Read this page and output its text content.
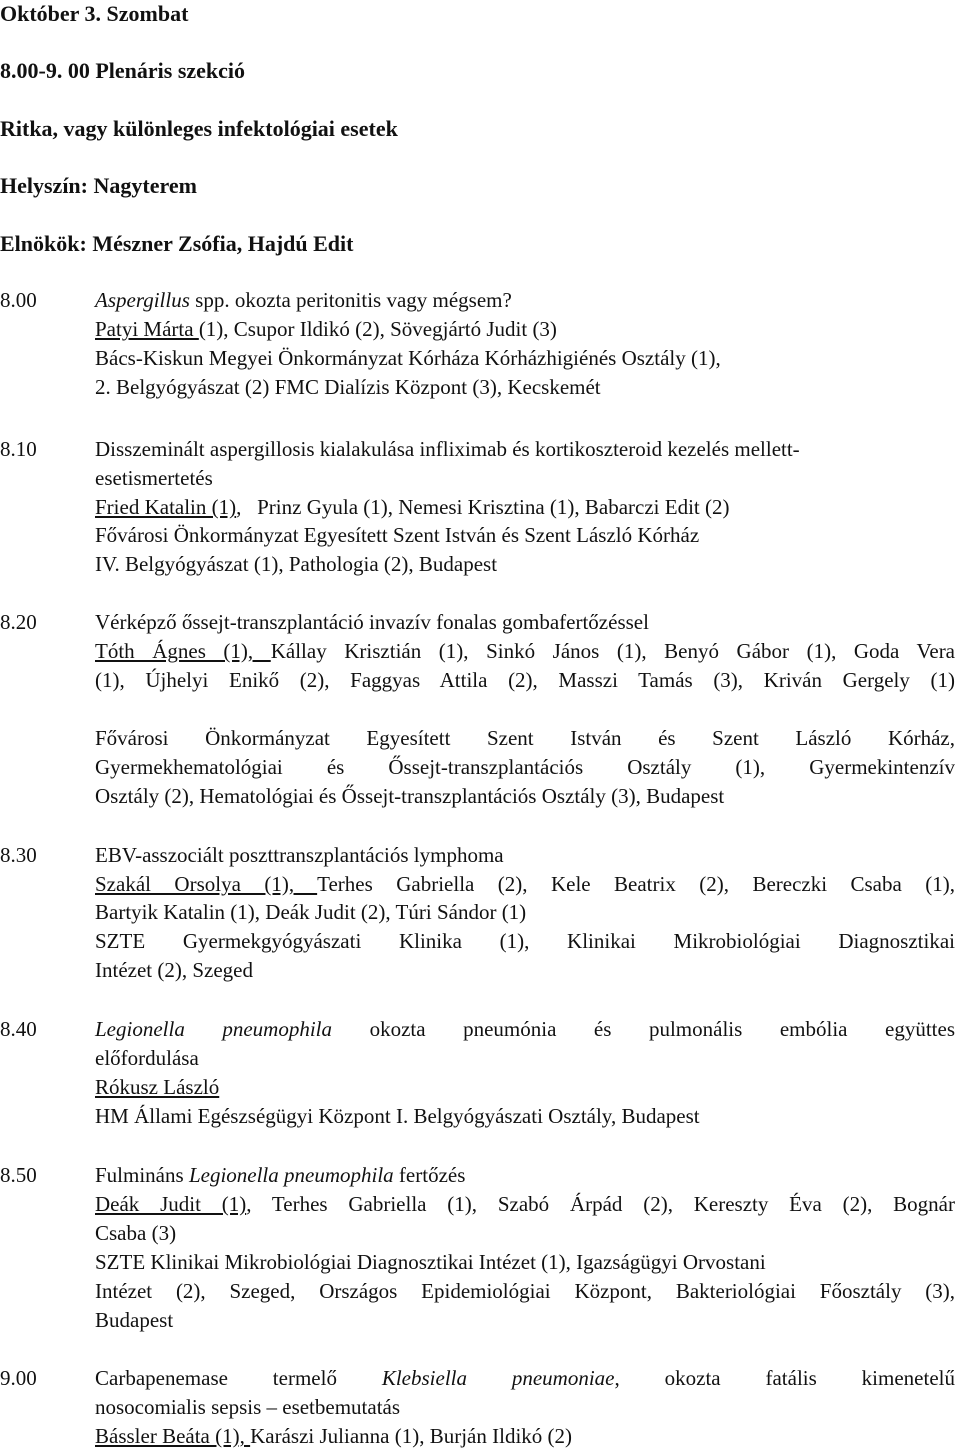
Október 3. Szombat
8.00-9. 00 Plenáris szekció
Ritka, vagy különleges infektológiai esetek
Helyszín: Nagyterem
Elnökök: Mészner Zsófia, Hajdú Edit
8.00	Aspergillus spp. okozta peritonitis vagy mégsem?
Patyi Márta (1), Csupor Ildikó (2), Sövegjártó Judit (3)
Bács-Kiskun Megyei Önkormányzat Kórháza Kórházhigiénés Osztály (1),
2. Belgyógyászat (2) FMC Dialízis Központ (3), Kecskemét
8.10	Disszeminált aspergillosis kialakulása infliximab és kortikoszteroid kezelés mellett-
esetismertetés
Fried Katalin (1),   Prinz Gyula (1), Nemesi Krisztina (1), Babarczi Edit (2)
Fővárosi Önkormányzat Egyesített Szent István és Szent László Kórház
IV. Belgyógyászat (1), Pathologia (2), Budapest
8.20	Vérképző őssejt-transzplantáció invazív fonalas gombafertőzéssel
Tóth Ágnes (1), Kállay Krisztián (1), Sinkó János (1), Benyó Gábor (1), Goda Vera
(1), Újhelyi Enikő (2), Faggyas Attila (2), Masszi Tamás (3), Kriván Gergely (1)
Fővárosi Önkormányzat Egyesített Szent István és Szent László Kórház,
Gyermekhematológiai és Őssejt-transzplantációs Osztály (1), Gyermekintenzív
Osztály (2), Hematológiai és Őssejt-transzplantációs Osztály (3), Budapest
8.30	EBV-asszociált poszttranszplantációs lymphoma
Szakál Orsolya (1), Terhes Gabriella (2), Kele Beatrix (2), Bereczki Csaba (1),
Bartyik Katalin (1), Deák Judit (2), Túri Sándor (1)
SZTE Gyermekgyógyászati Klinika (1), Klinikai Mikrobiológiai Diagnosztikai
Intézet (2), Szeged
8.40	Legionella pneumophila okozta pneumónia és pulmonális embólia együttes
előfordulása
Rókusz László
HM Állami Egészségügyi Központ I. Belgyógyászati Osztály, Budapest
8.50	Fulmináns Legionella pneumophila fertőzés
Deák Judit (1), Terhes Gabriella (1), Szabó Árpád (2), Kereszty Éva (2), Bognár
Csaba (3)
SZTE Klinikai Mikrobiológiai Diagnosztikai Intézet (1), Igazságügyi Orvostani
Intézet (2), Szeged, Országos Epidemiológiai Központ, Bakteriológiai Főosztály (3),
Budapest
9.00	Carbapenemase termelő Klebsiella pneumoniae, okozta fatális kimenetelű
nosocomialis sepsis – esetbemutatás
Bássler Beáta (1), Karászi Julianna (1), Burján Ildikó (2)
